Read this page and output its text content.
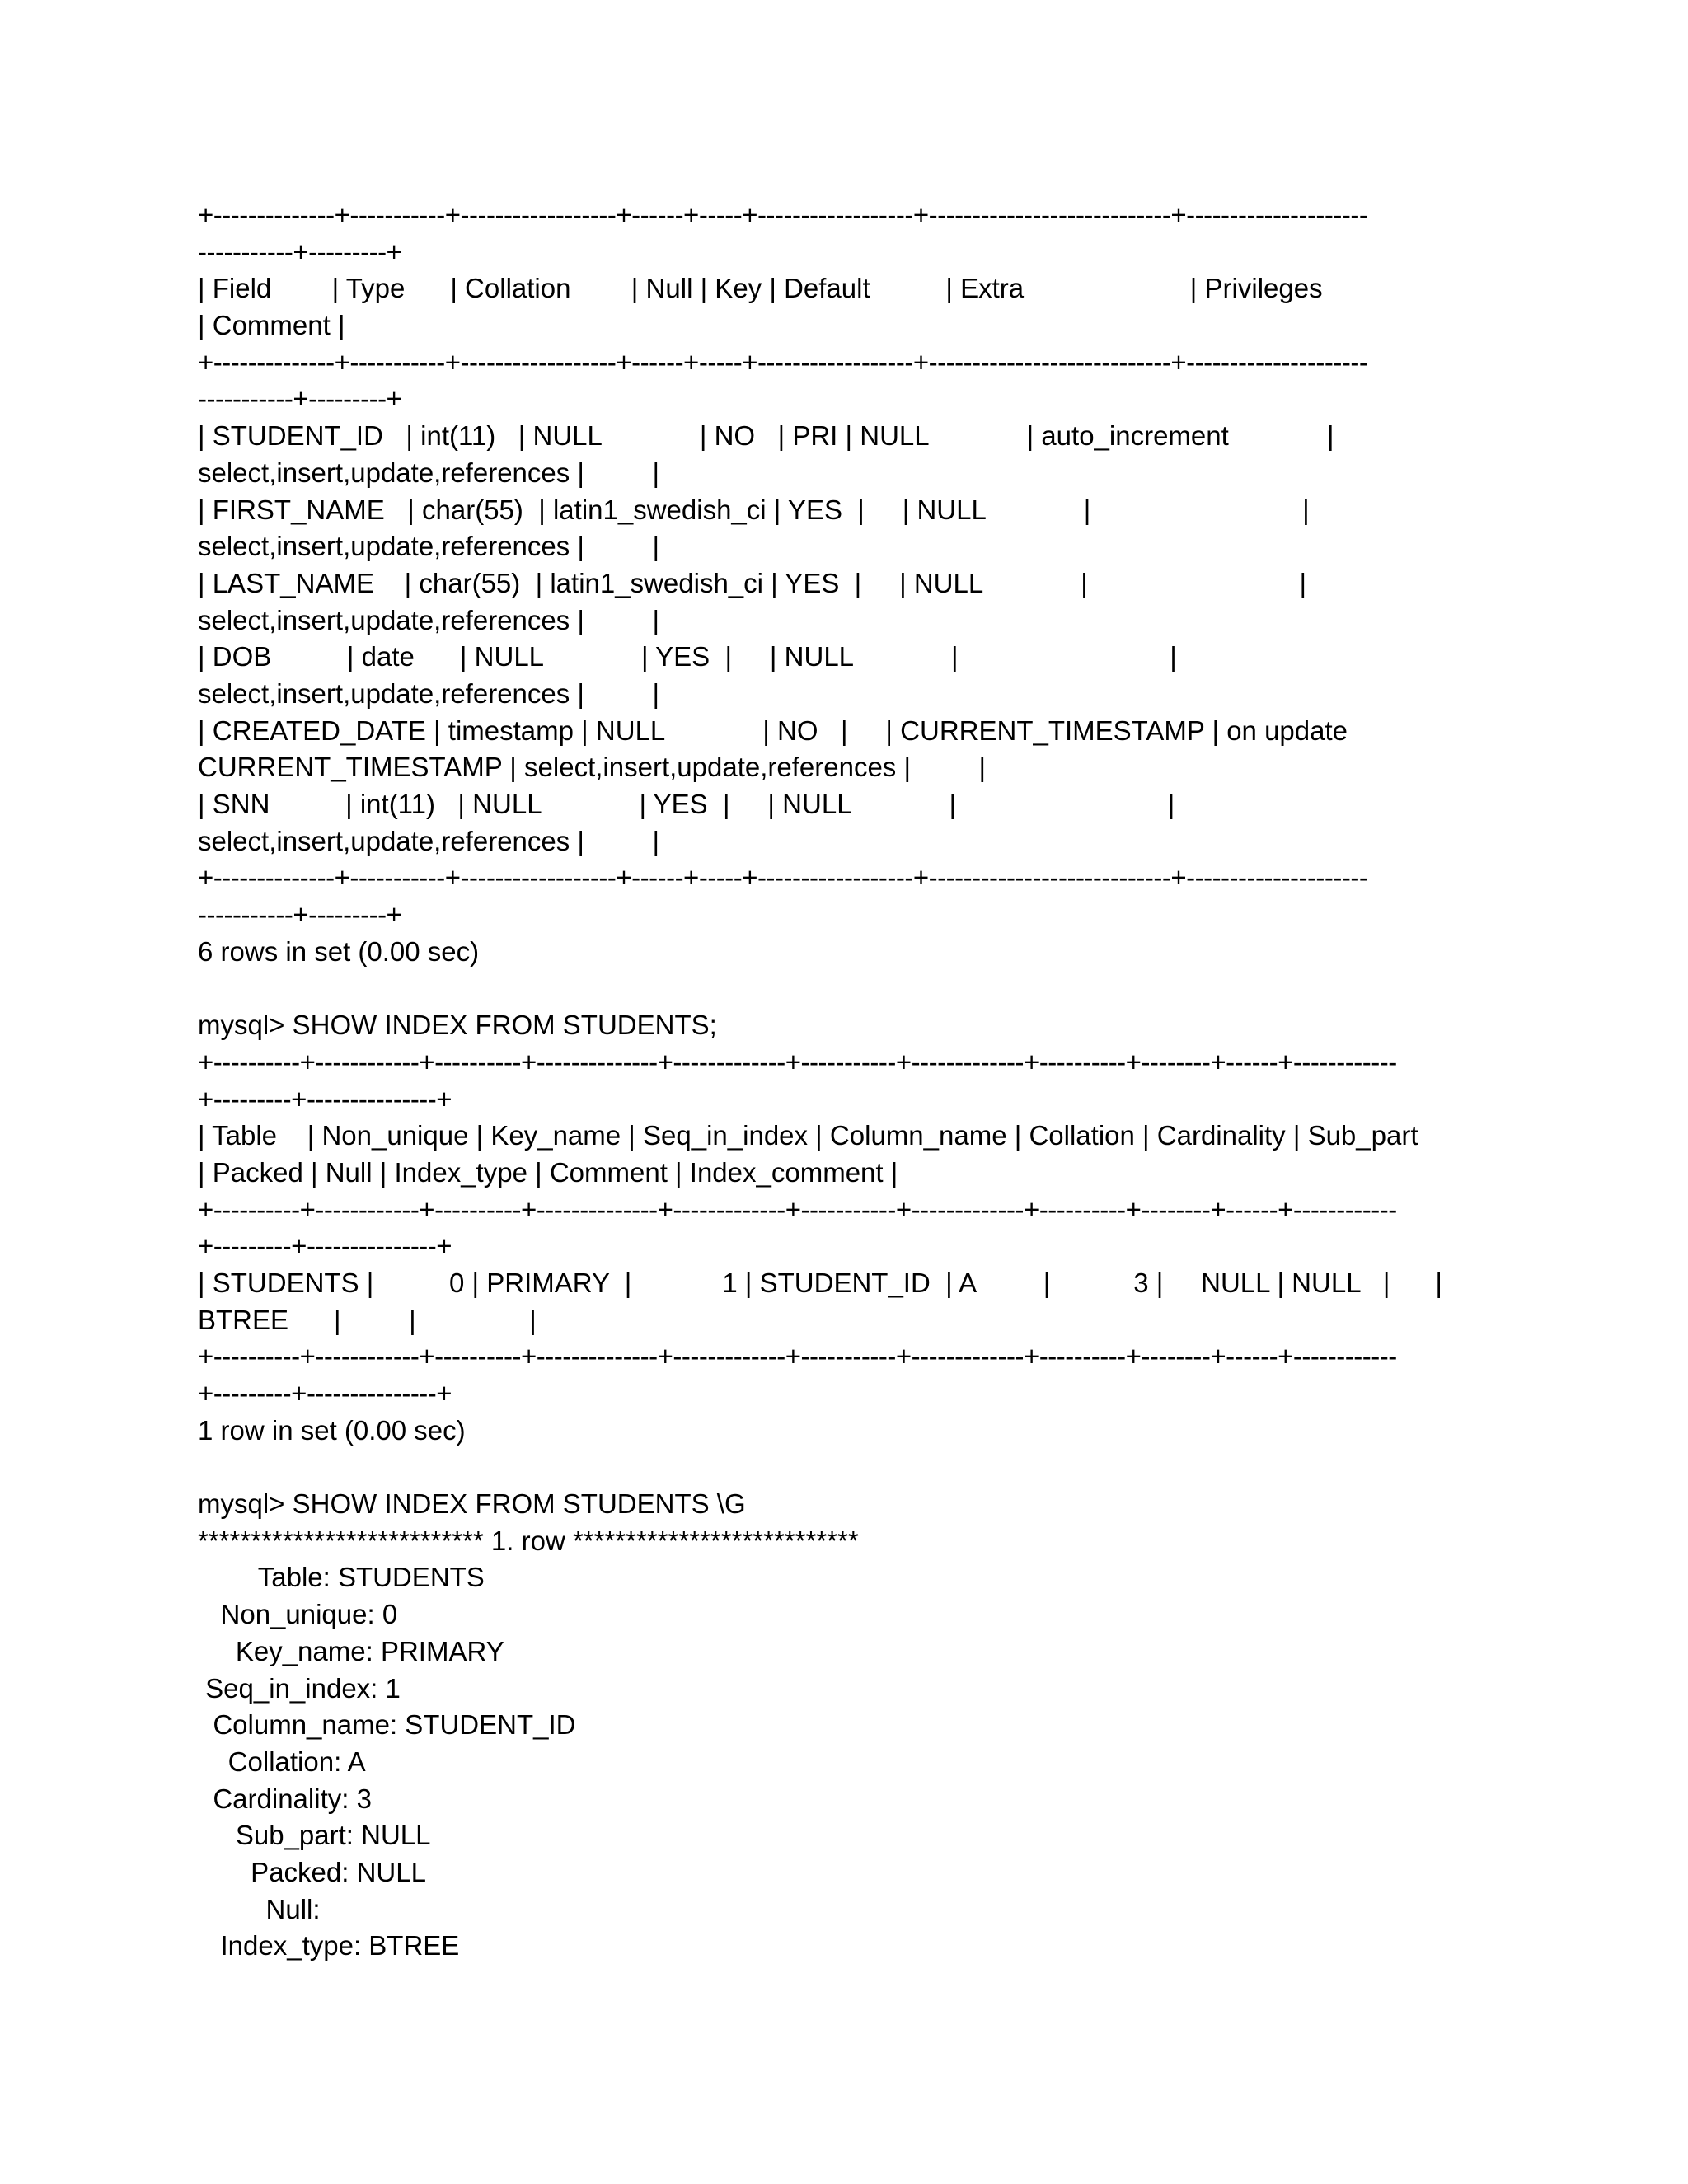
+--------------+-----------+------------------+------+-----+------------------+----------------------------+---------------------
-----------+---------+
| Field        | Type      | Collation        | Null | Key | Default          | Extra                      | Privileges
| Comment |
+--------------+-----------+------------------+------+-----+------------------+----------------------------+---------------------
-----------+---------+
| STUDENT_ID   | int(11)   | NULL             | NO   | PRI | NULL             | auto_increment             |
select,insert,update,references |         |
| FIRST_NAME   | char(55)  | latin1_swedish_ci | YES  |     | NULL             |                            |
select,insert,update,references |         |
| LAST_NAME    | char(55)  | latin1_swedish_ci | YES  |     | NULL             |                            |
select,insert,update,references |         |
| DOB          | date      | NULL             | YES  |     | NULL             |                            |
select,insert,update,references |         |
| CREATED_DATE | timestamp | NULL             | NO   |     | CURRENT_TIMESTAMP | on update
CURRENT_TIMESTAMP | select,insert,update,references |         |
| SNN          | int(11)   | NULL             | YES  |     | NULL             |                            |
select,insert,update,references |         |
+--------------+-----------+------------------+------+-----+------------------+----------------------------+---------------------
-----------+---------+
6 rows in set (0.00 sec)
mysql> SHOW INDEX FROM STUDENTS;
+----------+------------+----------+--------------+-------------+-----------+-------------+----------+--------+------+------------
+---------+---------------+
| Table    | Non_unique | Key_name | Seq_in_index | Column_name | Collation | Cardinality | Sub_part
| Packed | Null | Index_type | Comment | Index_comment |
+----------+------------+----------+--------------+-------------+-----------+-------------+----------+--------+------+------------
+---------+---------------+
| STUDENTS |          0 | PRIMARY  |            1 | STUDENT_ID  | A         |           3 |     NULL | NULL   |      |
BTREE      |         |               |
+----------+------------+----------+--------------+-------------+-----------+-------------+----------+--------+------+------------
+---------+---------------+
1 row in set (0.00 sec)
mysql> SHOW INDEX FROM STUDENTS \G
*************************** 1. row ***************************
Table: STUDENTS
Non_unique: 0
Key_name: PRIMARY
Seq_in_index: 1
Column_name: STUDENT_ID
Collation: A
Cardinality: 3
Sub_part: NULL
Packed: NULL
Null:
Index_type: BTREE
